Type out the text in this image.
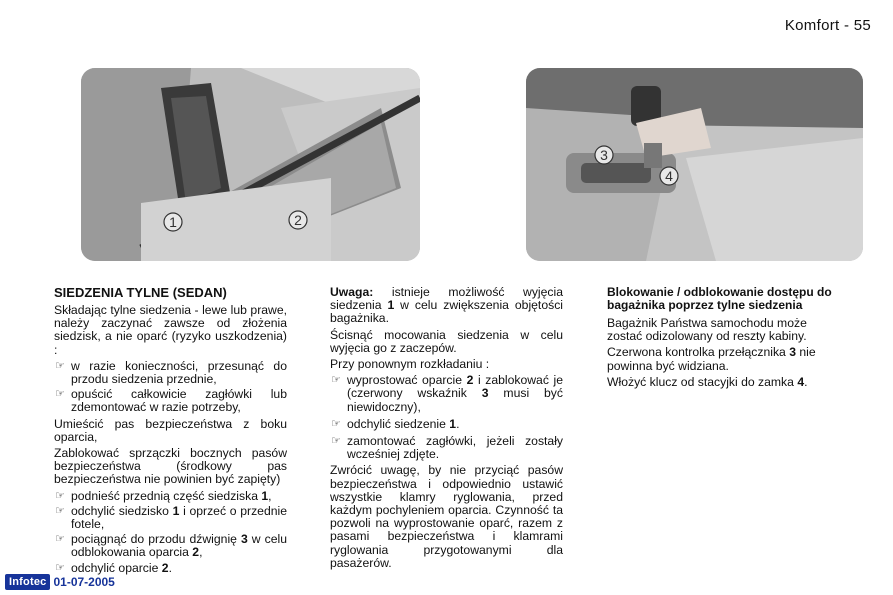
Komfort - 55
1	2
3
4
SIEDZENIA TYLNE (SEDAN)

Składając tylne siedzenia - lewe lub prawe, należy zaczynać zawsze od złożenia siedzisk, a nie oparć (ryzyko uszkodzenia) :

☞ w razie konieczności, przesunąć do przodu siedzenia przednie,
☞ opuścić całkowicie zagłówki lub zdemontować w razie potrzeby,

Umieścić pas bezpieczeństwa z boku oparcia,

Zablokować sprzączki bocznych pasów bezpieczeństwa (środkowy pas bezpieczeństwa nie powinien być zapięty)

☞ podnieść przednią część siedziska 1,
☞ odchylić siedzisko 1 i oprzeć o przednie fotele,
☞ pociągnąć do przodu dźwignię 3 w celu odblokowania oparcia 2,
☞ odchylić oparcie 2.

Uwaga: istnieje możliwość wyjęcia siedzenia 1 w celu zwiększenia objętości bagażnika.

Ścisnąć mocowania siedzenia w celu wyjęcia go z zaczepów.

Przy ponownym rozkładaniu :

☞ wyprostować oparcie 2 i zablokować je (czerwony wskaźnik 3 musi być niewidoczny),
☞ odchylić siedzenie 1.
☞ zamontować zagłówki, jeżeli zostały wcześniej zdjęte.

Zwrócić uwagę, by nie przyciąć pasów bezpieczeństwa i odpowiednio ustawić wszystkie klamry ryglowania, przed każdym pochyleniem oparcia. Czynność ta pozwoli na wyprostowanie oparć, razem z pasami bezpieczeństwa i klamrami ryglowania przygotowanymi dla pasażerów.

Blokowanie / odblokowanie dostępu do bagażnika poprzez tylne siedzenia

Bagażnik Państwa samochodu może zostać odizolowany od reszty kabiny.

Czerwona kontrolka przełącznika 3 nie powinna być widziana.

Włożyć klucz od stacyjki do zamka 4.

Infotec 01-07-2005
